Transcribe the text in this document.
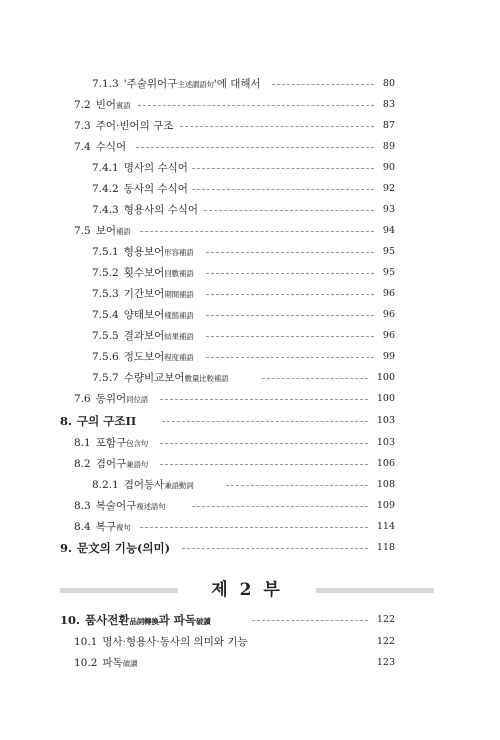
7.1.3 '주술위어구主述謂語句'에 대해서	80
7.2 빈어賓語	83
7.3 주어·빈어의 구조	87
7.4 수식어	89
7.4.1 명사의 수식어	90
7.4.2 동사의 수식어	92
7.4.3 형용사의 수식어	93
7.5 보어補語	94
7.5.1 형용보어形容補語	95
7.5.2 횟수보어回數補語	95
7.5.3 기간보어期間補語	96
7.5.4 양태보어樣態補語	96
7.5.5 결과보어結果補語	96
7.5.6 정도보어程度補語	99
7.5.7 수량비교보어數量比較補語	100
7.6 동위어同位語	100
8. 구의 구조II	103
8.1 포함구包含句	103
8.2 겸어구兼語句	106
8.2.1 겸어동사兼語動詞	108
8.3 복술어구複述語句	109
8.4 복구複句	114
9. 문文의 기능(의미)	118
제 2 부
10. 품사전환品詞轉換과 파독破讀	122
10.1 명사·형용사·동사의 의미와 기능	122
10.2 파독破讀	123
